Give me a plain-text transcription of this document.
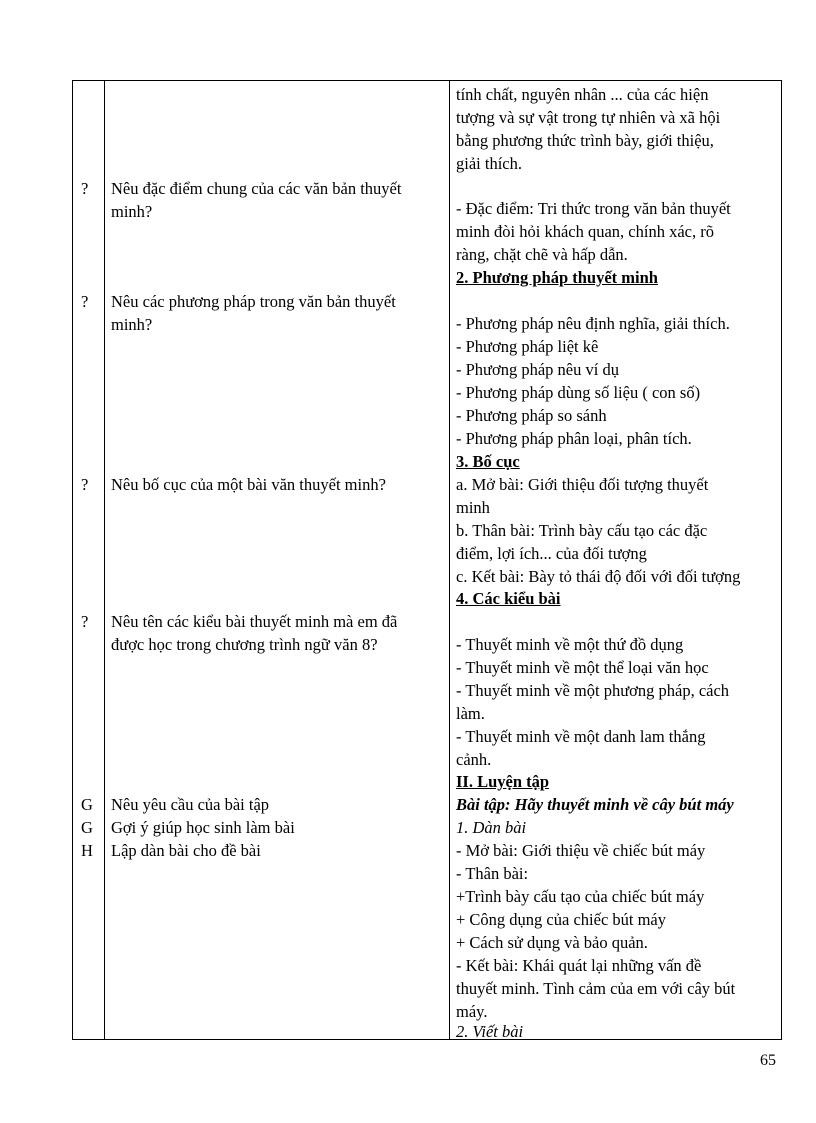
?
?
?
?
G
G
H
Nêu đặc điểm chung của các văn bản thuyết
minh?
Nêu các phương pháp trong văn bản thuyết
minh?
Nêu bố cục của một bài văn thuyết minh?
Nêu tên các kiểu bài thuyết minh mà em đã
được học trong chương trình ngữ văn 8?
Nêu yêu cầu của bài tập
Gợi ý giúp học sinh làm bài
Lập dàn bài cho đề bài
tính chất, nguyên nhân ... của các hiện
tượng và sự vật trong tự nhiên và xã hội
bằng phương thức trình bày, giới thiệu,
giải thích.
- Đặc điểm: Tri thức trong văn bản thuyết
minh đòi hỏi khách quan, chính xác, rõ
ràng, chặt chẽ và hấp dẫn.
2. Phương pháp thuyết minh
- Phương pháp nêu định nghĩa, giải thích.
- Phương pháp liệt kê
- Phương pháp nêu ví dụ
- Phương pháp dùng số liệu ( con số)
- Phương pháp so sánh
- Phương pháp phân loại, phân tích.
3. Bố cục
a. Mở bài: Giới thiệu đối tượng thuyết
minh
b. Thân bài: Trình bày cấu tạo các đặc
điểm, lợi ích... của đối tượng
c. Kết bài: Bày tỏ thái độ đối với đối tượng
4. Các kiểu bài
- Thuyết minh về một thứ đồ dụng
- Thuyết minh về một thể loại văn học
- Thuyết minh về một phương pháp, cách
làm.
- Thuyết minh về một danh lam thắng
cảnh.
II. Luyện tập
Bài tập: Hãy thuyết minh về cây bút máy
1. Dàn bài
- Mở bài: Giới thiệu về chiếc bút máy
- Thân bài:
+Trình bày cấu tạo của chiếc bút máy
+ Công dụng của chiếc bút máy
+ Cách sử dụng và bảo quản.
- Kết bài: Khái quát lại những vấn đề
thuyết minh. Tình cảm của em với cây bút
máy.
2. Viết bài
65
